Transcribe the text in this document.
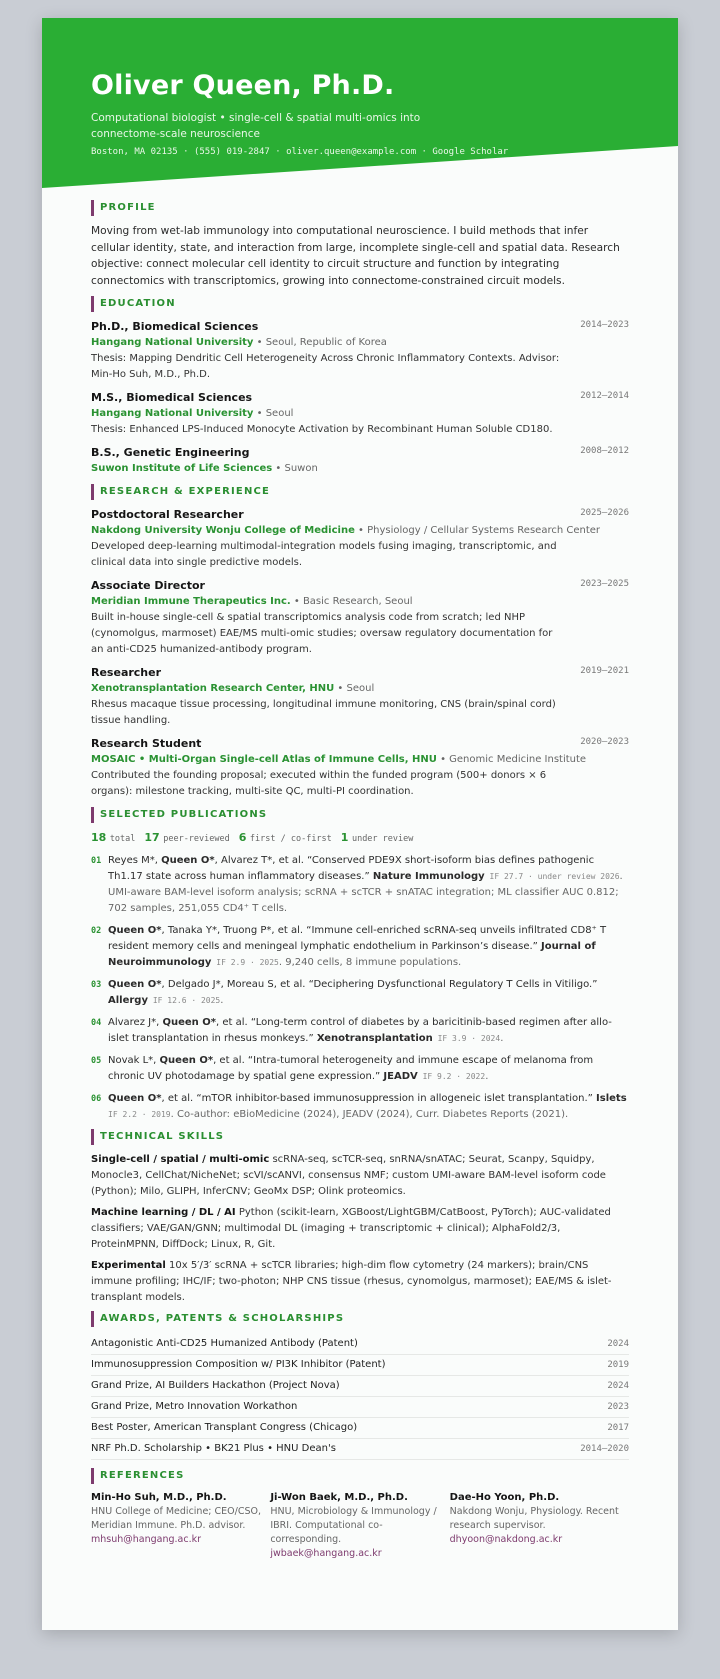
Oliver Queen, Ph.D.
Computational biologist • single-cell & spatial multi-omics into connectome-scale neuroscience
Boston, MA 02135 · (555) 019-2847 · oliver.queen@example.com · Google Scholar
PROFILE

Moving from wet-lab immunology into computational neuroscience. I build methods that infer cellular identity, state, and interaction from large, incomplete single-cell and spatial data. Research objective: connect molecular cell identity to circuit structure and function by integrating connectomics with transcriptomics, growing into connectome-constrained circuit models.

EDUCATION
Ph.D., Biomedical Sciences	2014–2023
Hangang National University • Seoul, Republic of Korea
Thesis: Mapping Dendritic Cell Heterogeneity Across Chronic Inflammatory Contexts. Advisor: Min-Ho Suh, M.D., Ph.D.
M.S., Biomedical Sciences	2012–2014
Hangang National University • Seoul
Thesis: Enhanced LPS-Induced Monocyte Activation by Recombinant Human Soluble CD180.
B.S., Genetic Engineering	2008–2012
Suwon Institute of Life Sciences • Suwon
RESEARCH & EXPERIENCE
Postdoctoral Researcher	2025–2026
Nakdong University Wonju College of Medicine • Physiology / Cellular Systems Research Center
Developed deep-learning multimodal-integration models fusing imaging, transcriptomic, and clinical data into single predictive models.
Associate Director	2023–2025
Meridian Immune Therapeutics Inc. • Basic Research, Seoul
Built in-house single-cell & spatial transcriptomics analysis code from scratch; led NHP (cynomolgus, marmoset) EAE/MS multi-omic studies; oversaw regulatory documentation for an anti-CD25 humanized-antibody program.
Researcher	2019–2021
Xenotransplantation Research Center, HNU • Seoul
Rhesus macaque tissue processing, longitudinal immune monitoring, CNS (brain/spinal cord) tissue handling.
Research Student	2020–2023
MOSAIC • Multi-Organ Single-cell Atlas of Immune Cells, HNU • Genomic Medicine Institute
Contributed the founding proposal; executed within the funded program (500+ donors × 6 organs): milestone tracking, multi-site QC, multi-PI coordination.
SELECTED PUBLICATIONS
18 total 17 peer-reviewed 6 first / co-first 1 under review
01 Reyes M*, Queen O*, Alvarez T*, et al. “Conserved PDE9X short-isoform bias defines pathogenic Th1.17 state across human inflammatory diseases.” Nature Immunology IF 27.7 · under review 2026. UMI-aware BAM-level isoform analysis; scRNA + scTCR + snATAC integration; ML classifier AUC 0.812; 702 samples, 251,055 CD4⁺ T cells.
02 Queen O*, Tanaka Y*, Truong P*, et al. “Immune cell-enriched scRNA-seq unveils infiltrated CD8⁺ T resident memory cells and meningeal lymphatic endothelium in Parkinson’s disease.” Journal of Neuroimmunology IF 2.9 · 2025. 9,240 cells, 8 immune populations.
03 Queen O*, Delgado J*, Moreau S, et al. “Deciphering Dysfunctional Regulatory T Cells in Vitiligo.” Allergy IF 12.6 · 2025.
04 Alvarez J*, Queen O*, et al. “Long-term control of diabetes by a baricitinib-based regimen after allo-islet transplantation in rhesus monkeys.” Xenotransplantation IF 3.9 · 2024.
05 Novak L*, Queen O*, et al. “Intra-tumoral heterogeneity and immune escape of melanoma from chronic UV photodamage by spatial gene expression.” JEADV IF 9.2 · 2022.
06 Queen O*, et al. “mTOR inhibitor-based immunosuppression in allogeneic islet transplantation.” Islets IF 2.2 · 2019. Co-author: eBioMedicine (2024), JEADV (2024), Curr. Diabetes Reports (2021).
TECHNICAL SKILLS
Single-cell / spatial / multi-omic scRNA-seq, scTCR-seq, snRNA/snATAC; Seurat, Scanpy, Squidpy, Monocle3, CellChat/NicheNet; scVI/scANVI, consensus NMF; custom UMI-aware BAM-level isoform code (Python); Milo, GLIPH, InferCNV; GeoMx DSP; Olink proteomics.
Machine learning / DL / AI Python (scikit-learn, XGBoost/LightGBM/CatBoost, PyTorch); AUC-validated classifiers; VAE/GAN/GNN; multimodal DL (imaging + transcriptomic + clinical); AlphaFold2/3, ProteinMPNN, DiffDock; Linux, R, Git.
Experimental 10x 5′/3′ scRNA + scTCR libraries; high-dim flow cytometry (24 markers); brain/CNS immune profiling; IHC/IF; two-photon; NHP CNS tissue (rhesus, cynomolgus, marmoset); EAE/MS & islet-transplant models.
AWARDS, PATENTS & SCHOLARSHIPS
Antagonistic Anti-CD25 Humanized Antibody (Patent)	2024
Immunosuppression Composition w/ PI3K Inhibitor (Patent)	2019
Grand Prize, AI Builders Hackathon (Project Nova)	2024
Grand Prize, Metro Innovation Workathon	2023
Best Poster, American Transplant Congress (Chicago)	2017
NRF Ph.D. Scholarship • BK21 Plus • HNU Dean's	2014–2020
REFERENCES
Min-Ho Suh, M.D., Ph.D.
HNU College of Medicine; CEO/CSO, Meridian Immune. Ph.D. advisor.
mhsuh@hangang.ac.kr
Ji-Won Baek, M.D., Ph.D.
HNU, Microbiology & Immunology / IBRI. Computational co-corresponding.
jwbaek@hangang.ac.kr
Dae-Ho Yoon, Ph.D.
Nakdong Wonju, Physiology. Recent research supervisor.
dhyoon@nakdong.ac.kr
